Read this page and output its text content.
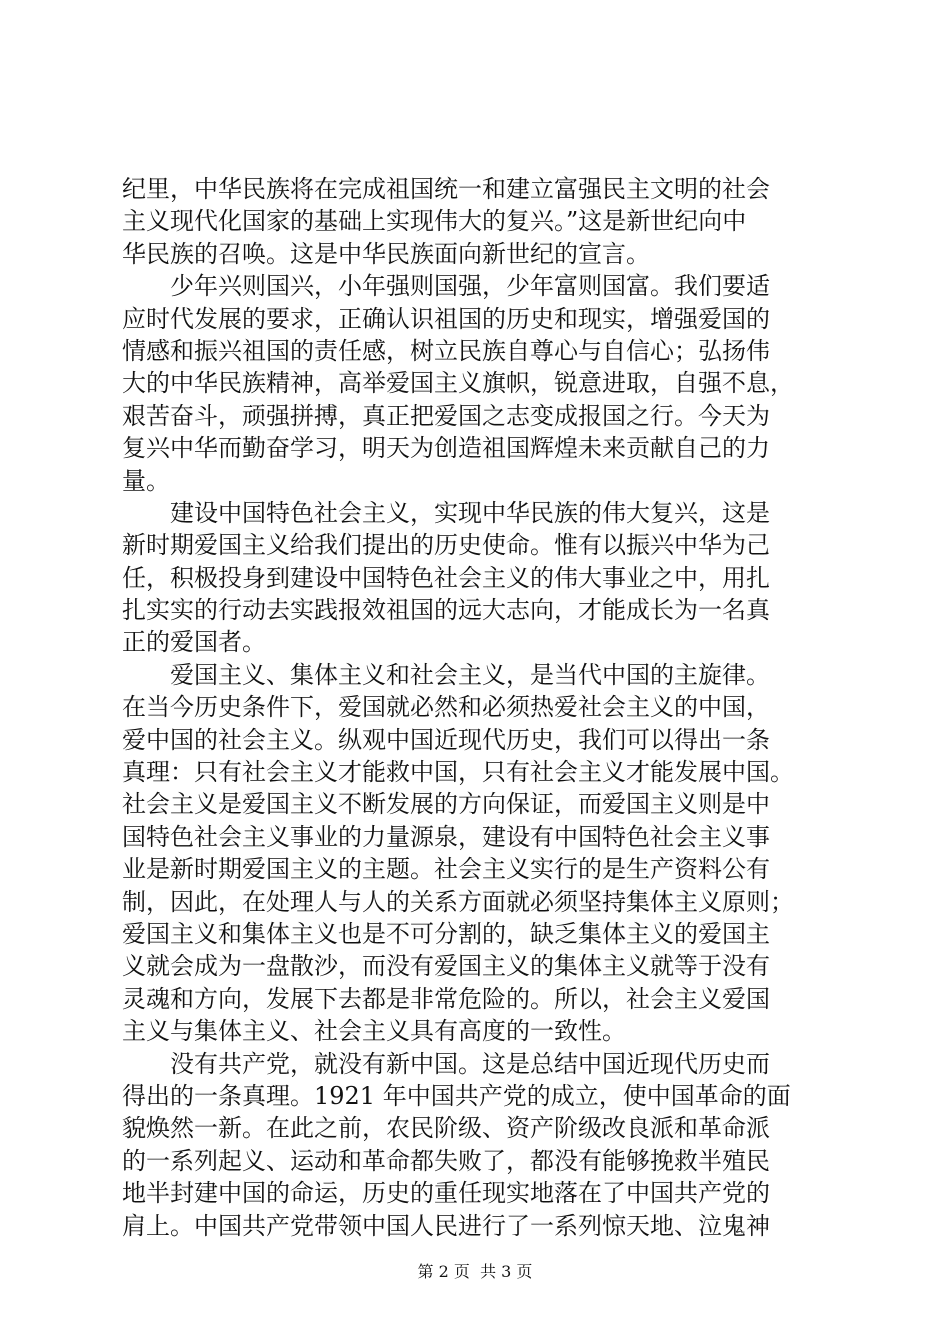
纪里，中华民族将在完成祖国统一和建立富强民主文明的社会
主义现代化国家的基础上实现伟大的复兴。”这是新世纪向中
华民族的召唤。这是中华民族面向新世纪的宣言。
　　少年兴则国兴，小年强则国强，少年富则国富。我们要适
应时代发展的要求，正确认识祖国的历史和现实，增强爱国的
情感和振兴祖国的责任感，树立民族自尊心与自信心；弘扬伟
大的中华民族精神，高举爱国主义旗帜，锐意进取，自强不息，
艰苦奋斗，顽强拼搏，真正把爱国之志变成报国之行。今天为
复兴中华而勤奋学习，明天为创造祖国辉煌未来贡献自己的力
量。
　　建设中国特色社会主义，实现中华民族的伟大复兴，这是
新时期爱国主义给我们提出的历史使命。惟有以振兴中华为己
任，积极投身到建设中国特色社会主义的伟大事业之中，用扎
扎实实的行动去实践报效祖国的远大志向，才能成长为一名真
正的爱国者。
　　爱国主义、集体主义和社会主义，是当代中国的主旋律。
在当今历史条件下，爱国就必然和必须热爱社会主义的中国，
爱中国的社会主义。纵观中国近现代历史，我们可以得出一条
真理：只有社会主义才能救中国，只有社会主义才能发展中国。
社会主义是爱国主义不断发展的方向保证，而爱国主义则是中
国特色社会主义事业的力量源泉，建设有中国特色社会主义事
业是新时期爱国主义的主题。社会主义实行的是生产资料公有
制，因此，在处理人与人的关系方面就必须坚持集体主义原则；
爱国主义和集体主义也是不可分割的，缺乏集体主义的爱国主
义就会成为一盘散沙，而没有爱国主义的集体主义就等于没有
灵魂和方向，发展下去都是非常危险的。所以，社会主义爱国
主义与集体主义、社会主义具有高度的一致性。
　　没有共产党，就没有新中国。这是总结中国近现代历史而
得出的一条真理。1921 年中国共产党的成立，使中国革命的面
貌焕然一新。在此之前，农民阶级、资产阶级改良派和革命派
的一系列起义、运动和革命都失败了，都没有能够挽救半殖民
地半封建中国的命运，历史的重任现实地落在了中国共产党的
肩上。中国共产党带领中国人民进行了一系列惊天地、泣鬼神
第 2 页  共 3 页
